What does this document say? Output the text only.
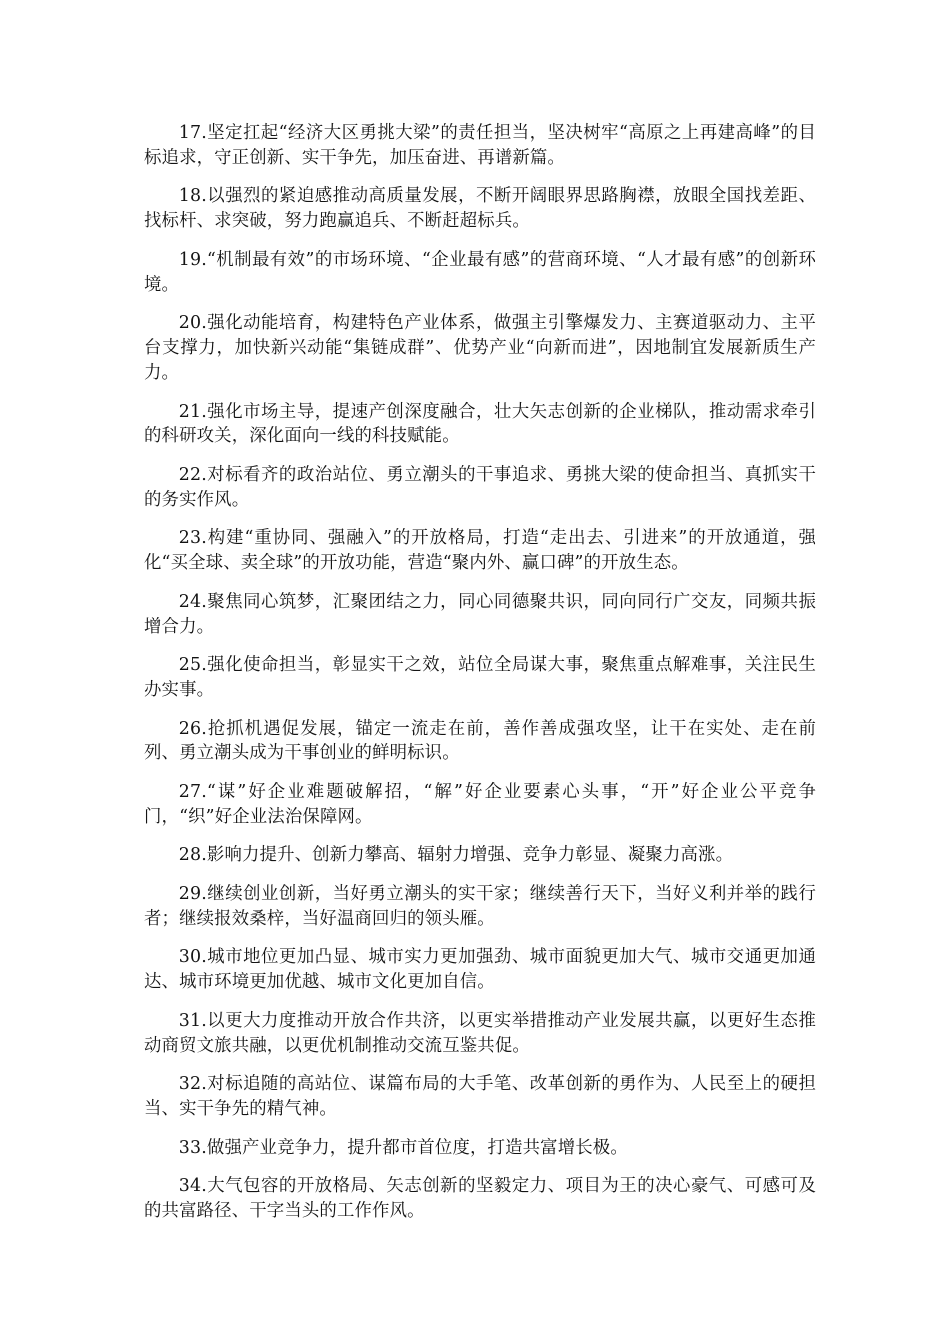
17.坚定扛起“经济大区勇挑大梁”的责任担当，坚决树牢“高原之上再建高峰”的目标追求，守正创新、实干争先，加压奋进、再谱新篇。

18.以强烈的紧迫感推动高质量发展，不断开阔眼界思路胸襟，放眼全国找差距、找标杆、求突破，努力跑赢追兵、不断赶超标兵。

19.“机制最有效”的市场环境、“企业最有感”的营商环境、“人才最有感”的创新环境。

20.强化动能培育，构建特色产业体系，做强主引擎爆发力、主赛道驱动力、主平台支撑力，加快新兴动能“集链成群”、优势产业“向新而进”，因地制宜发展新质生产力。

21.强化市场主导，提速产创深度融合，壮大矢志创新的企业梯队，推动需求牵引的科研攻关，深化面向一线的科技赋能。

22.对标看齐的政治站位、勇立潮头的干事追求、勇挑大梁的使命担当、真抓实干的务实作风。

23.构建“重协同、强融入”的开放格局，打造“走出去、引进来”的开放通道，强化“买全球、卖全球”的开放功能，营造“聚内外、赢口碑”的开放生态。

24.聚焦同心筑梦，汇聚团结之力，同心同德聚共识，同向同行广交友，同频共振增合力。

25.强化使命担当，彰显实干之效，站位全局谋大事，聚焦重点解难事，关注民生办实事。

26.抢抓机遇促发展，锚定一流走在前，善作善成强攻坚，让干在实处、走在前列、勇立潮头成为干事创业的鲜明标识。

27.“谋”好企业难题破解招，“解”好企业要素心头事，“开”好企业公平竞争门，“织”好企业法治保障网。

28.影响力提升、创新力攀高、辐射力增强、竞争力彰显、凝聚力高涨。

29.继续创业创新，当好勇立潮头的实干家；继续善行天下，当好义利并举的践行者；继续报效桑梓，当好温商回归的领头雁。

30.城市地位更加凸显、城市实力更加强劲、城市面貌更加大气、城市交通更加通达、城市环境更加优越、城市文化更加自信。

31.以更大力度推动开放合作共济，以更实举措推动产业发展共赢，以更好生态推动商贸文旅共融，以更优机制推动交流互鉴共促。

32.对标追随的高站位、谋篇布局的大手笔、改革创新的勇作为、人民至上的硬担当、实干争先的精气神。

33.做强产业竞争力，提升都市首位度，打造共富增长极。

34.大气包容的开放格局、矢志创新的坚毅定力、项目为王的决心豪气、可感可及的共富路径、干字当头的工作作风。
